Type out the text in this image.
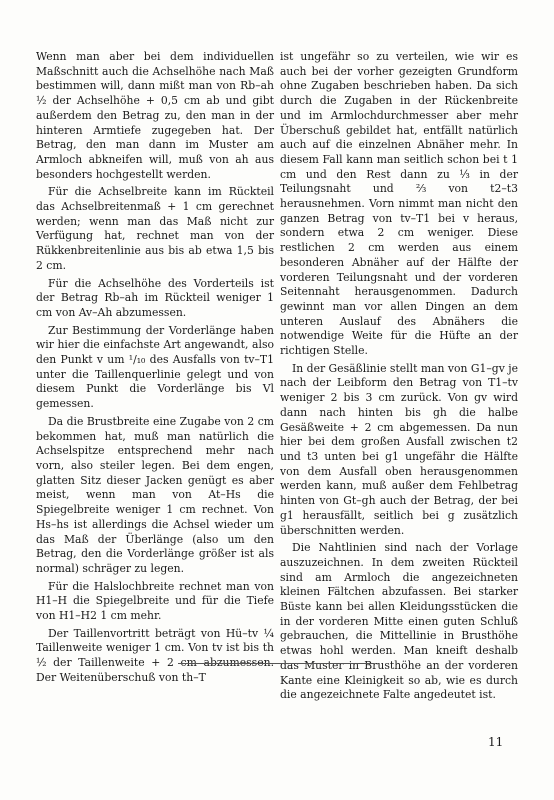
Wenn man aber bei dem individuellen Maßschnitt auch die Achselhöhe nach Maß bestimmen will, dann mißt man von Rb–ah ½ der Achselhöhe + 0,5 cm ab und gibt außerdem den Betrag zu, den man in der hinteren Armtiefe zugegeben hat. Der Betrag, den man dann im Muster am Armloch abkneifen will, muß von ah aus besonders hochgestellt werden.

Für die Achselbreite kann im Rückteil das Achselbreitenmaß + 1 cm gerechnet werden; wenn man das Maß nicht zur Verfügung hat, rechnet man von der Rükkenbreitenlinie aus bis ab etwa 1,5 bis 2 cm.

Für die Achselhöhe des Vorderteils ist der Betrag Rb–ah im Rückteil weniger 1 cm von Av–Ah abzumessen.

Zur Bestimmung der Vorderlänge haben wir hier die einfachste Art angewandt, also den Punkt v um ¹/₁₀ des Ausfalls von tv–T1 unter die Taillenquerlinie gelegt und von diesem Punkt die Vorderlänge bis Vl gemessen.

Da die Brustbreite eine Zugabe von 2 cm bekommen hat, muß man natürlich die Achselspitze entsprechend mehr nach vorn, also steiler legen. Bei dem engen, glatten Sitz dieser Jacken genügt es aber meist, wenn man von At–Hs die Spiegelbreite weniger 1 cm rechnet. Von Hs–hs ist allerdings die Achsel wieder um das Maß der Überlänge (also um den Betrag, den die Vorderlänge größer ist als normal) schräger zu legen.

Für die Halslochbreite rechnet man von H1–H die Spiegelbreite und für die Tiefe von H1–H2 1 cm mehr.

Der Taillenvortritt beträgt von Hü–tv ¼ Taillenweite weniger 1 cm. Von tv ist bis th ½ der Taillenweite + 2 cm abzumessen. Der Weitenüberschuß von th–T

ist ungefähr so zu verteilen, wie wir es auch bei der vorher gezeigten Grundform ohne Zugaben beschrieben haben. Da sich durch die Zugaben in der Rückenbreite und im Armlochdurchmesser aber mehr Überschuß gebildet hat, entfällt natürlich auch auf die einzelnen Abnäher mehr. In diesem Fall kann man seitlich schon bei t 1 cm und den Rest dann zu ⅓ in der Teilungsnaht und ⅔ von t2–t3 herausnehmen. Vorn nimmt man nicht den ganzen Betrag von tv–T1 bei v heraus, sondern etwa 2 cm weniger. Diese restlichen 2 cm werden aus einem besonderen Abnäher auf der Hälfte der vorderen Teilungsnaht und der vorderen Seitennaht herausgenommen. Dadurch gewinnt man vor allen Dingen an dem unteren Auslauf des Abnähers die notwendige Weite für die Hüfte an der richtigen Stelle.

In der Gesäßlinie stellt man von G1–gv je nach der Leibform den Betrag von T1–tv weniger 2 bis 3 cm zurück. Von gv wird dann nach hinten bis gh die halbe Gesäßweite + 2 cm abgemessen. Da nun hier bei dem großen Ausfall zwischen t2 und t3 unten bei g1 ungefähr die Hälfte von dem Ausfall oben herausgenommen werden kann, muß außer dem Fehlbetrag hinten von Gt–gh auch der Betrag, der bei g1 herausfällt, seitlich bei g zusätzlich überschnitten werden.

Die Nahtlinien sind nach der Vorlage auszuzeichnen. In dem zweiten Rückteil sind am Armloch die angezeichneten kleinen Fältchen abzufassen. Bei starker Büste kann bei allen Kleidungsstücken die in der vorderen Mitte einen guten Schluß gebrauchen, die Mittellinie in Brusthöhe etwas hohl werden. Man kneift deshalb das Muster in Brusthöhe an der vorderen Kante eine Kleinigkeit so ab, wie es durch die angezeichnete Falte angedeutet ist.

11
